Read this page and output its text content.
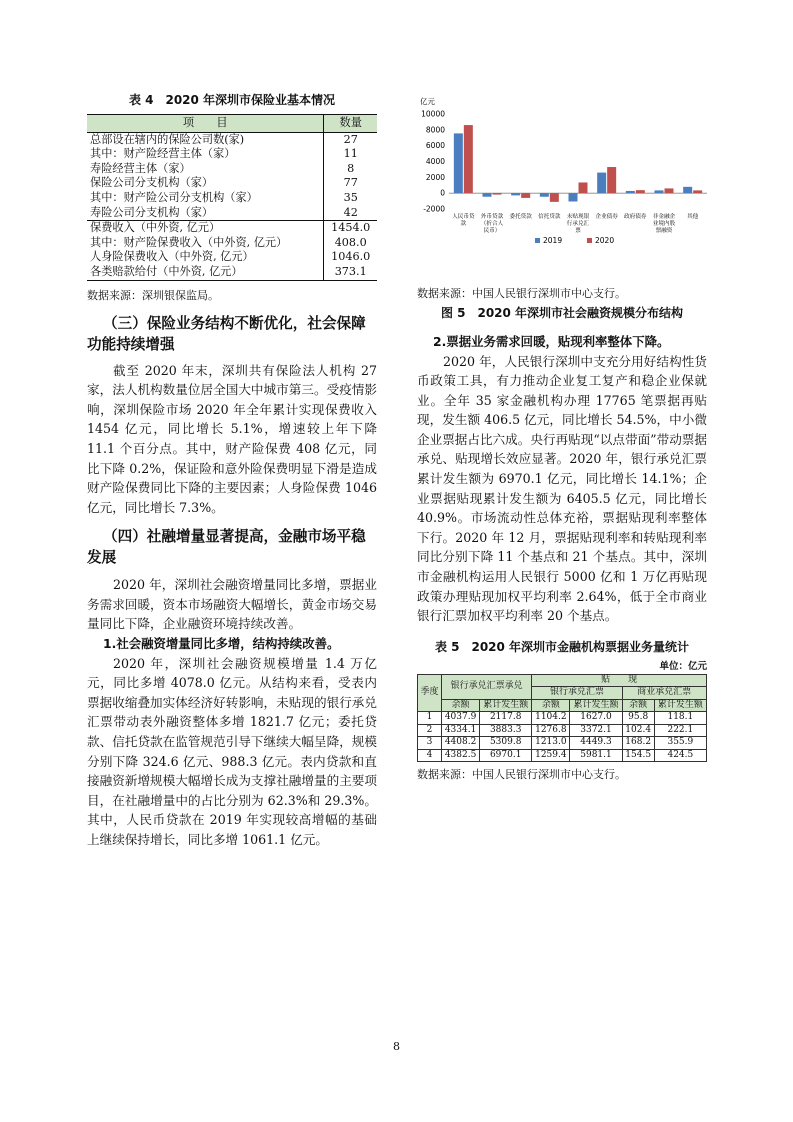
表 4　2020 年深圳市保险业基本情况
项　　目	数量
总部设在辖内的保险公司数(家)	27
其中：财产险经营主体（家）	11
寿险经营主体（家）	8
保险公司分支机构（家）	77
其中：财产险公司分支机构（家）	35
寿险公司分支机构（家）	42
保费收入（中外资, 亿元）	1454.0
其中：财产险保费收入（中外资, 亿元）	408.0
人身险保费收入（中外资, 亿元）	1046.0
各类赔款给付（中外资, 亿元）	373.1
数据来源：深圳银保监局。
（三）保险业务结构不断优化，社会保障功能持续增强

截至 2020 年末，深圳共有保险法人机构 27 家，法人机构数量位居全国大中城市第三。受疫情影响，深圳保险市场 2020 年全年累计实现保费收入 1454 亿元，同比增长 5.1%，增速较上年下降 11.1 个百分点。其中，财产险保费 408 亿元，同比下降 0.2%，保证险和意外险保费明显下滑是造成财产险保费同比下降的主要因素；人身险保费 1046 亿元，同比增长 7.3%。

（四）社融增量显著提高，金融市场平稳发展

2020 年，深圳社会融资增量同比多增，票据业务需求回暖，资本市场融资大幅增长，黄金市场交易量同比下降，企业融资环境持续改善。

1.社会融资增量同比多增，结构持续改善。

2020 年，深圳社会融资规模增量 1.4 万亿元，同比多增 4078.0 亿元。从结构来看，受表内票据收缩叠加实体经济好转影响，未贴现的银行承兑汇票带动表外融资整体多增 1821.7 亿元；委托贷款、信托贷款在监管规范引导下继续大幅呈降，规模分别下降 324.6 亿元、988.3 亿元。表内贷款和直接融资新增规模大幅增长成为支撑社融增量的主要项目，在社融增量中的占比分别为 62.3%和 29.3%。其中，人民币贷款在 2019 年实现较高增幅的基础上继续保持增长，同比多增 1061.1 亿元。

亿元
10000
8000
6000
4000
2000
0
-2000
人民币贷款
外币贷款（折合人民币）
委托贷款 信托贷款 未贴现银行承兑汇票
企业债券 政府债券 非金融企业境内股票融资
其他
2019	2020
数据来源：中国人民银行深圳市中心支行。
图 5　2020 年深圳市社会融资规模分布结构
2.票据业务需求回暖，贴现利率整体下降。

2020 年，人民银行深圳中支充分用好结构性货币政策工具，有力推动企业复工复产和稳企业保就业。全年 35 家金融机构办理 17765 笔票据再贴现，发生额 406.5 亿元，同比增长 54.5%，中小微企业票据占比六成。央行再贴现“以点带面”带动票据承兑、贴现增长效应显著。2020 年，银行承兑汇票累计发生额为 6970.1 亿元，同比增长 14.1%；企业票据贴现累计发生额为 6405.5 亿元，同比增长 40.9%。市场流动性总体充裕，票据贴现利率整体下行。2020 年 12 月，票据贴现利率和转贴现利率同比分别下降 11 个基点和 21 个基点。其中，深圳市金融机构运用人民银行 5000 亿和 1 万亿再贴现政策办理贴现加权平均利率 2.64%，低于全市商业银行汇票加权平均利率 20 个基点。

表 5　2020 年深圳市金融机构票据业务量统计
单位：亿元
季度	银行承兑汇票承兑		贴　　现			
			银行承兑汇票		商业承兑汇票	
	余额	累计发生额	余额	累计发生额	余额	累计发生额
1	4037.9	2117.8	1104.2	1627.0	95.8	118.1
2	4334.1	3883.3	1276.8	3372.1	102.4	222.1
3	4408.2	5309.8	1213.0	4449.3	168.2	355.9
4	4382.5	6970.1	1259.4	5981.1	154.5	424.5
数据来源：中国人民银行深圳市中心支行。
8
